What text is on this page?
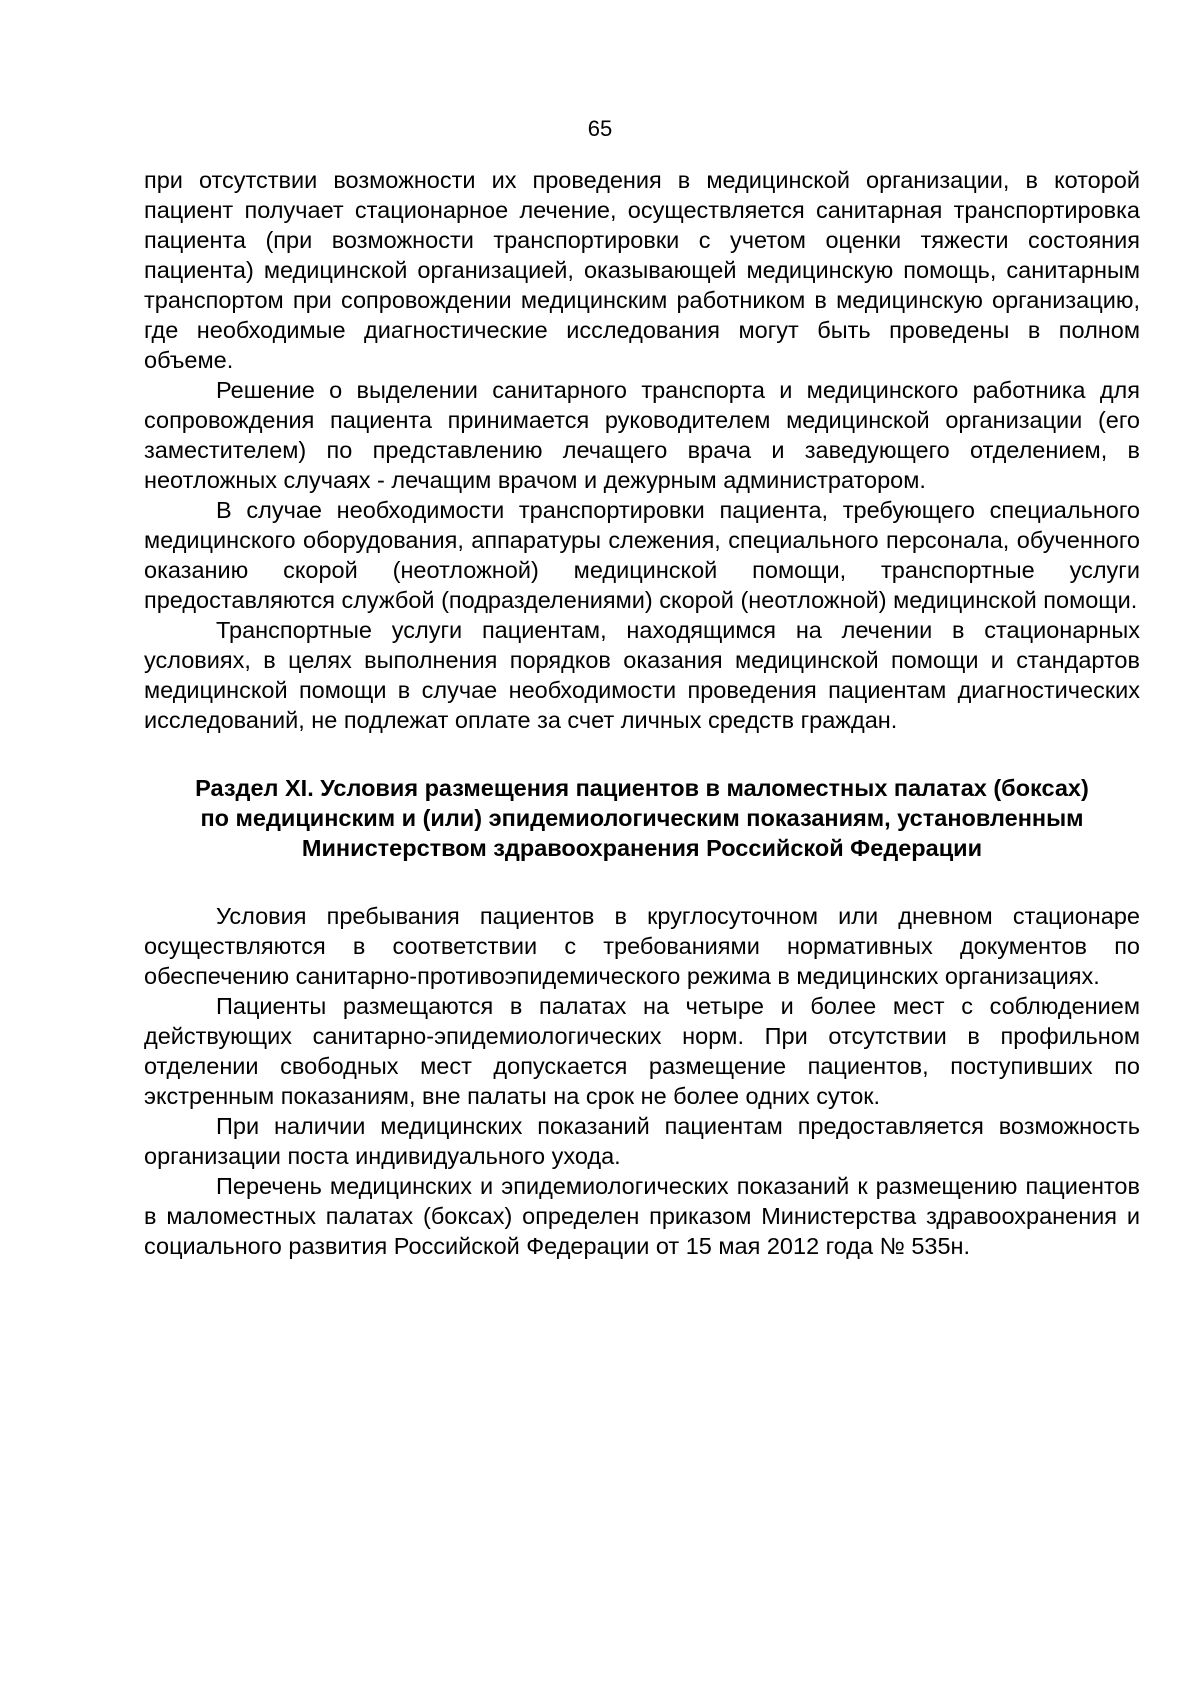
65

при отсутствии возможности их проведения в медицинской организации, в которой пациент получает стационарное лечение, осуществляется санитарная транспортировка пациента (при возможности транспортировки с учетом оценки тяжести состояния пациента) медицинской организацией, оказывающей медицинскую помощь, санитарным транспортом при сопровождении медицинским работником в медицинскую организацию, где необходимые диагностические исследования могут быть проведены в полном объеме.

Решение о выделении санитарного транспорта и медицинского работника для сопровождения пациента принимается руководителем медицинской организации (его заместителем) по представлению лечащего врача и заведующего отделением, в неотложных случаях - лечащим врачом и дежурным администратором.

В случае необходимости транспортировки пациента, требующего специального медицинского оборудования, аппаратуры слежения, специального персонала, обученного оказанию скорой (неотложной) медицинской помощи, транспортные услуги предоставляются службой (подразделениями) скорой (неотложной) медицинской помощи.

Транспортные услуги пациентам, находящимся на лечении в стационарных условиях, в целях выполнения порядков оказания медицинской помощи и стандартов медицинской помощи в случае необходимости проведения пациентам диагностических исследований, не подлежат оплате за счет личных средств граждан.

Раздел XI. Условия размещения пациентов в маломестных палатах (боксах)
по медицинским и (или) эпидемиологическим показаниям, установленным
Министерством здравоохранения Российской Федерации

Условия пребывания пациентов в круглосуточном или дневном стационаре осуществляются в соответствии с требованиями нормативных документов по обеспечению санитарно-противоэпидемического режима в медицинских организациях.

Пациенты размещаются в палатах на четыре и более мест с соблюдением действующих санитарно-эпидемиологических норм. При отсутствии в профильном отделении свободных мест допускается размещение пациентов, поступивших по экстренным показаниям, вне палаты на срок не более одних суток.

При наличии медицинских показаний пациентам предоставляется возможность организации поста индивидуального ухода.

Перечень медицинских и эпидемиологических показаний к размещению пациентов в маломестных палатах (боксах) определен приказом Министерства здравоохранения и социального развития Российской Федерации от 15 мая 2012 года № 535н.
